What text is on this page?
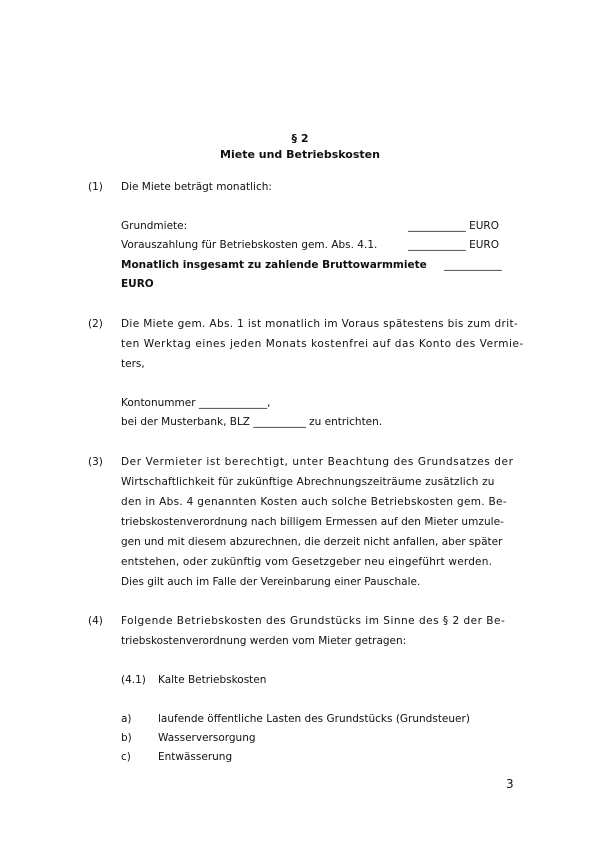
§ 2
Miete und Betriebskosten
(1) Die Miete beträgt monatlich:
Grundmiete:	___________ EURO
Vorauszahlung für Betriebskosten gem. Abs. 4.1.	___________ EURO
Monatlich insgesamt zu zahlende Bruttowarmmiete ___________
EURO
(2) Die Miete gem. Abs. 1 ist monatlich im Voraus spätestens bis zum drit-
ten Werktag eines jeden Monats kostenfrei auf das Konto des Vermie-
ters,
Kontonummer _____________,
bei der Musterbank, BLZ __________ zu entrichten.
(3) Der Vermieter ist berechtigt, unter Beachtung des Grundsatzes der
Wirtschaftlichkeit für zukünftige Abrechnungszeiträume zusätzlich zu
den in Abs. 4 genannten Kosten auch solche Betriebskosten gem. Be-
triebskostenverordnung nach billigem Ermessen auf den Mieter umzule-
gen und mit diesem abzurechnen, die derzeit nicht anfallen, aber später
entstehen, oder zukünftig vom Gesetzgeber neu eingeführt werden.
Dies gilt auch im Falle der Vereinbarung einer Pauschale.
(4) Folgende Betriebskosten des Grundstücks im Sinne des § 2 der Be-
triebskostenverordnung werden vom Mieter getragen:
(4.1) Kalte Betriebskosten
a)	laufende öffentliche Lasten des Grundstücks (Grundsteuer)
b) Wasserversorgung
c)	Entwässerung
3
